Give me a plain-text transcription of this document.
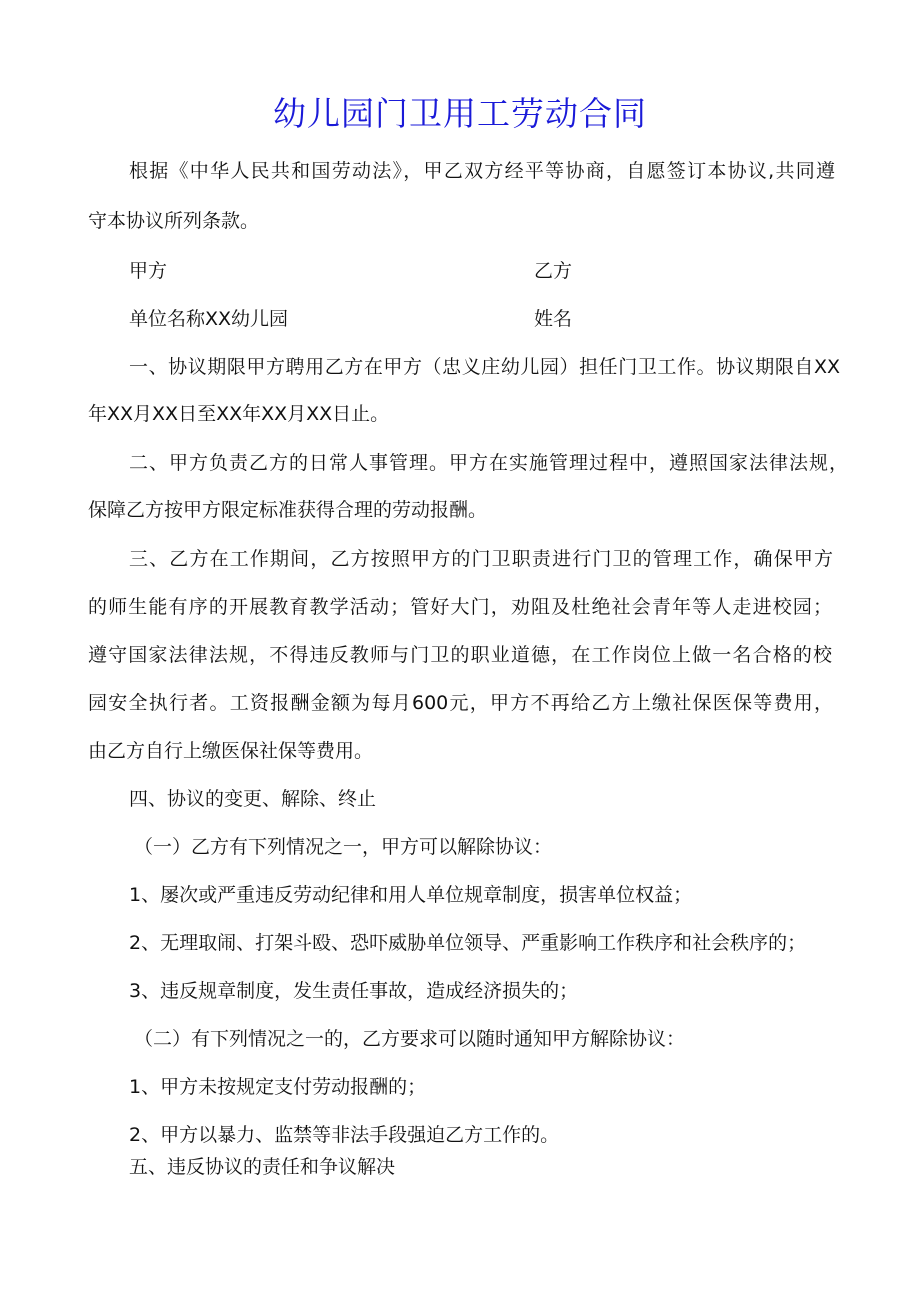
幼儿园门卫用工劳动合同
根据《中华人民共和国劳动法》，甲乙双方经平等协商，自愿签订本协议,共同遵
守本协议所列条款。
甲方	乙方
单位名称XX幼儿园	姓名
一、协议期限甲方聘用乙方在甲方（忠义庄幼儿园）担任门卫工作。协议期限自XX
年XX月XX日至XX年XX月XX日止。
二、甲方负责乙方的日常人事管理。甲方在实施管理过程中，遵照国家法律法规，
保障乙方按甲方限定标准获得合理的劳动报酬。
三、乙方在工作期间，乙方按照甲方的门卫职责进行门卫的管理工作，确保甲方
的师生能有序的开展教育教学活动；管好大门，劝阻及杜绝社会青年等人走进校园；
遵守国家法律法规，不得违反教师与门卫的职业道德，在工作岗位上做一名合格的校
园安全执行者。工资报酬金额为每月600元，甲方不再给乙方上缴社保医保等费用，
由乙方自行上缴医保社保等费用。
四、协议的变更、解除、终止
（一）乙方有下列情况之一，甲方可以解除协议：
1、屡次或严重违反劳动纪律和用人单位规章制度，损害单位权益；
2、无理取闹、打架斗殴、恐吓威胁单位领导、严重影响工作秩序和社会秩序的；
3、违反规章制度，发生责任事故，造成经济损失的；
（二）有下列情况之一的，乙方要求可以随时通知甲方解除协议：
1、甲方未按规定支付劳动报酬的；
2、甲方以暴力、监禁等非法手段强迫乙方工作的。
五、违反协议的责任和争议解决
